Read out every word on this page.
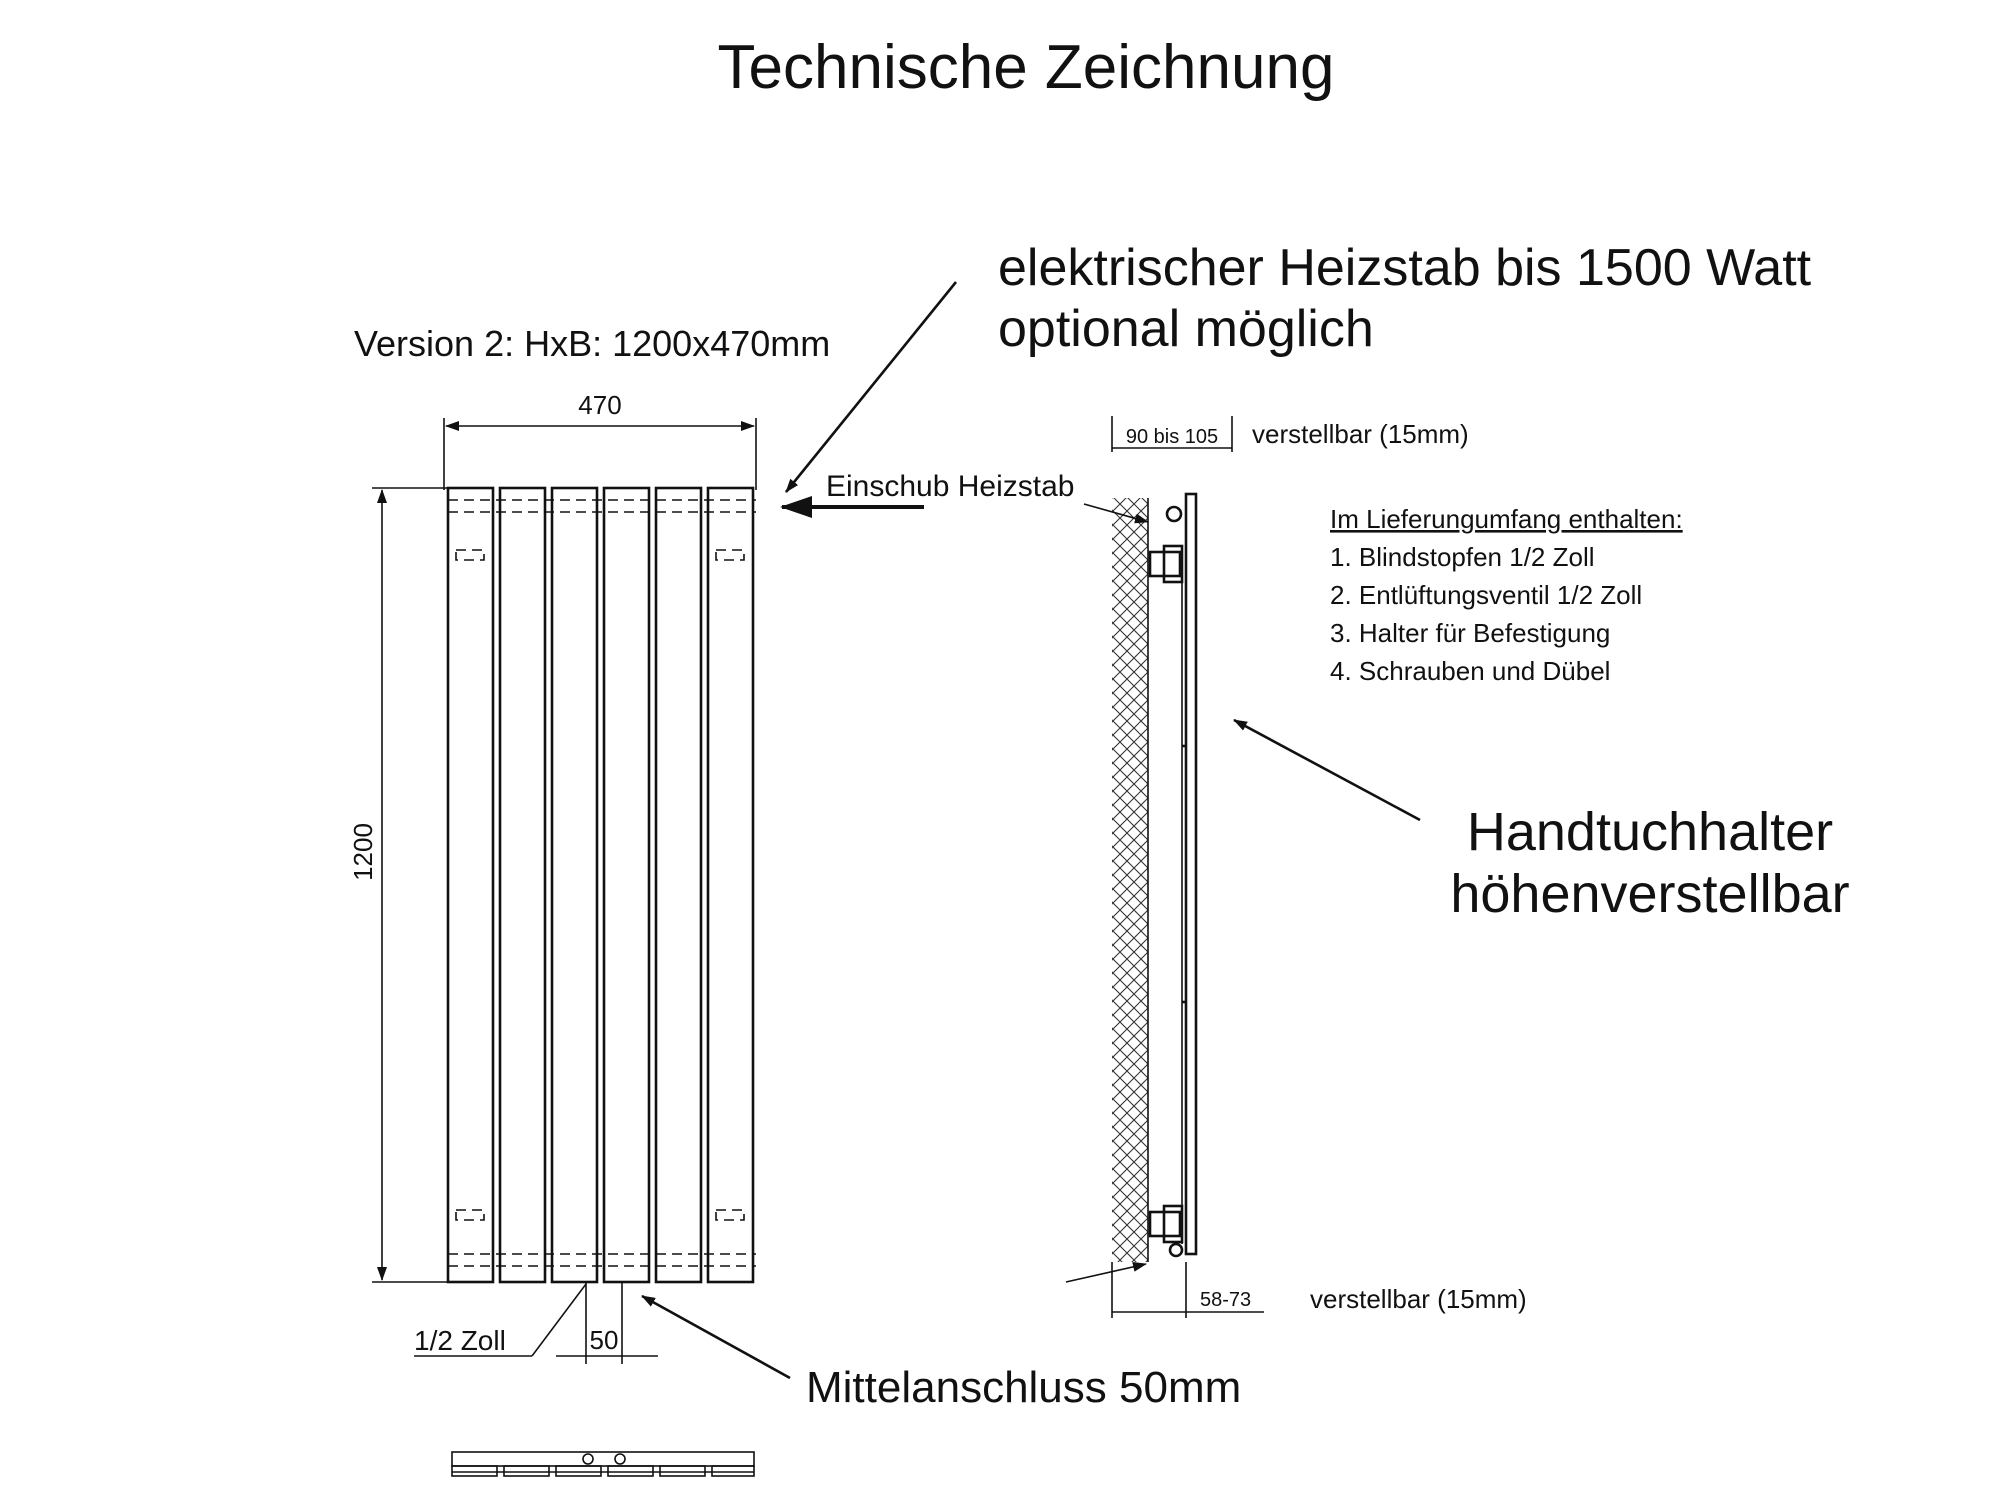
Technische Zeichnung
elektrischer Heizstab bis 1500 Watt
optional möglich
Version 2: HxB: 1200x470mm
470
1200
Einschub Heizstab
50
1/2 Zoll
Mittelanschluss 50mm
90 bis 105 verstellbar (15mm)
58-73 verstellbar (15mm)
Im Lieferungumfang enthalten:
1. Blindstopfen 1/2 Zoll
2. Entlüftungsventil 1/2 Zoll
3. Halter für Befestigung
4. Schrauben und Dübel
Handtuchhalter
höhenverstellbar
